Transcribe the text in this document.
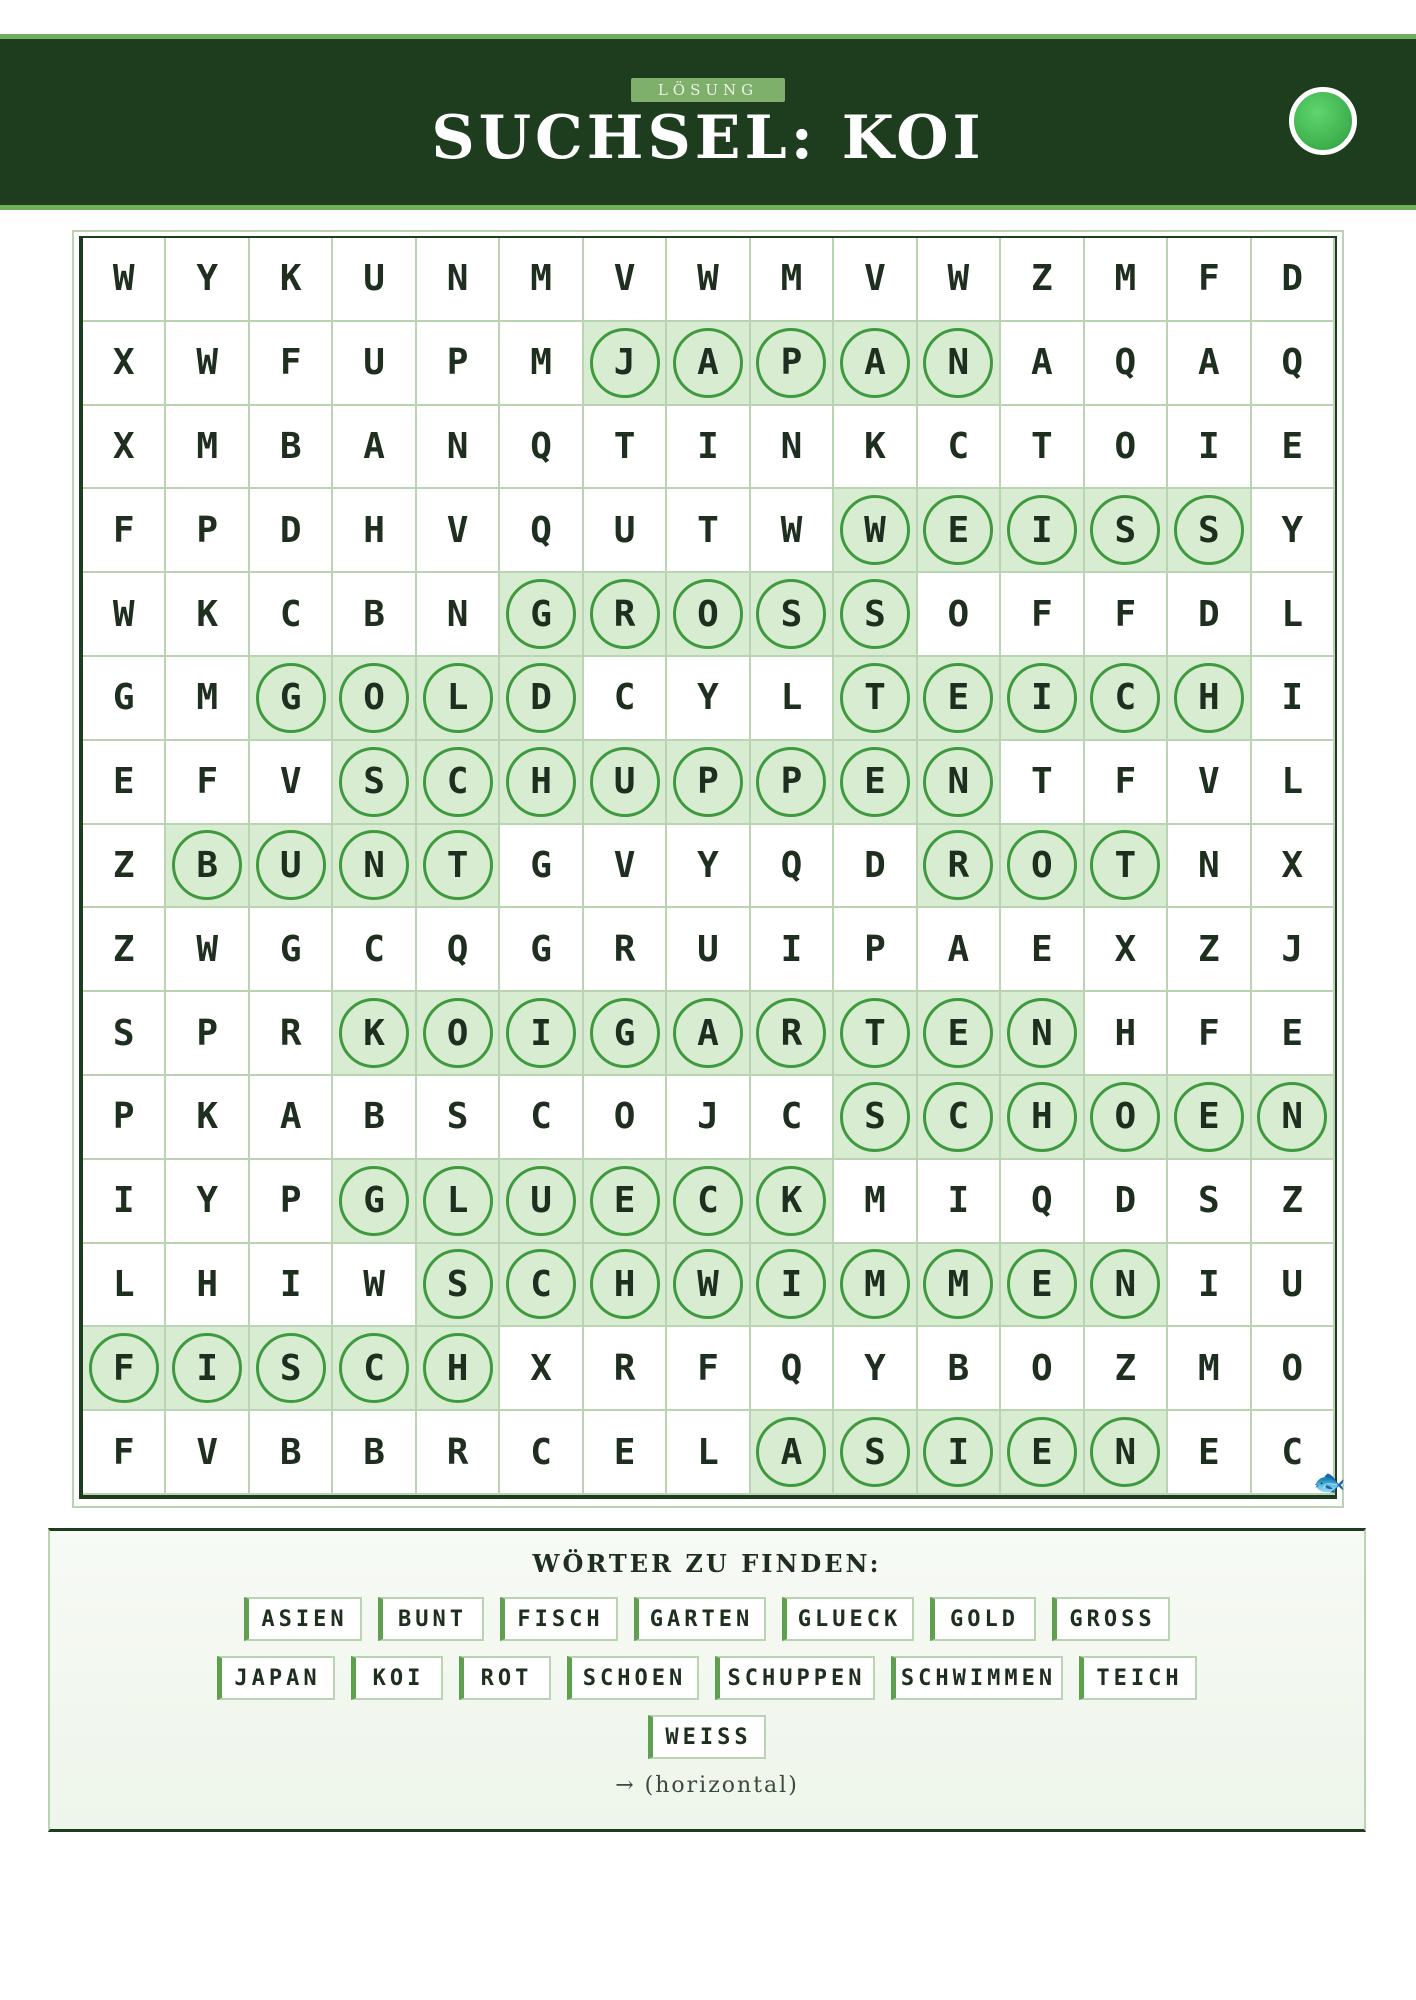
LÖSUNG
SUCHSEL: KOI
W Y K U N M V W M V W Z M F D
X W F U P M J A P A N A Q A Q
X M B A N Q T I N K C T O I E
F P D H V Q U T W W E I S S Y
W K C B N G R O S S O F F D L
G M G O L D C Y L T E I C H I
E F V S C H U P P E N T F V L
Z B U N T G V Y Q D R O T N X
Z W G C Q G R U I P A E X Z J
S P R K O I G A R T E N H F E
P K A B S C O J C S C H O E N
I Y P G L U E C K M I Q D S Z
L H I W S C H W I M M E N I U
F I S C H X R F Q Y B O Z M O
F V B B R C E L A S I E N E C
🐟
WÖRTER ZU FINDEN:
ASIEN	BUNT	FISCH	GARTEN	GLUECK	GOLD	GROSS
JAPAN	KOI	ROT	SCHOEN	SCHUPPEN	SCHWIMMEN	TEICH
WEISS
→ (horizontal)
